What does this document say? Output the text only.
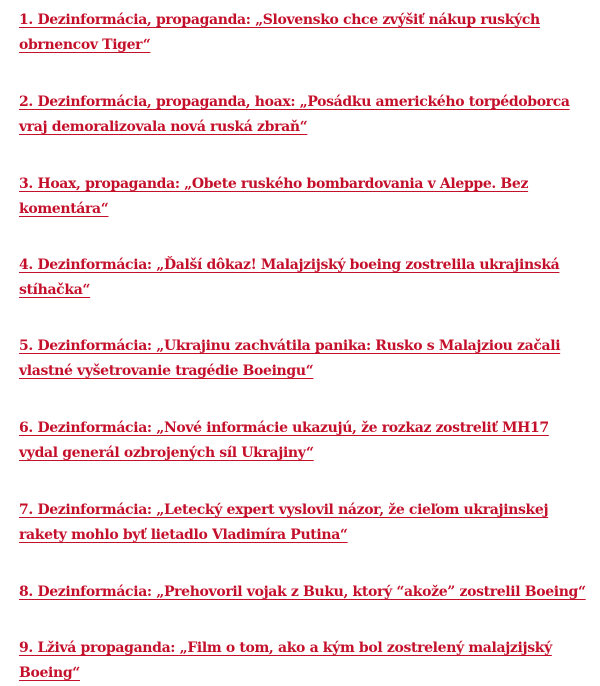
1. Dezinformácia, propaganda: „Slovensko chce zvýšiť nákup ruských obrnencov Tiger“
2. Dezinformácia, propaganda, hoax: „Posádku amerického torpédoborca vraj demoralizovala nová ruská zbraň“
3. Hoax, propaganda: „Obete ruského bombardovania v Aleppe. Bez komentára“
4. Dezinformácia: „Ďalší dôkaz! Malajzijský boeing zostrelila ukrajinská stíhačka“
5. Dezinformácia: „Ukrajinu zachvátila panika: Rusko s Malajziou začali vlastné vyšetrovanie tragédie Boeingu“
6. Dezinformácia: „Nové informácie ukazujú, že rozkaz zostreliť MH17 vydal generál ozbrojených síl Ukrajiny“
7. Dezinformácia: „Letecký expert vyslovil názor, že cieľom ukrajinskej rakety mohlo byť lietadlo Vladimíra Putina“
8. Dezinformácia: „Prehovoril vojak z Buku, ktorý “akože” zostrelil Boeing“
9. Lživá propaganda: „Film o tom, ako a kým bol zostrelený malajzijský Boeing“
